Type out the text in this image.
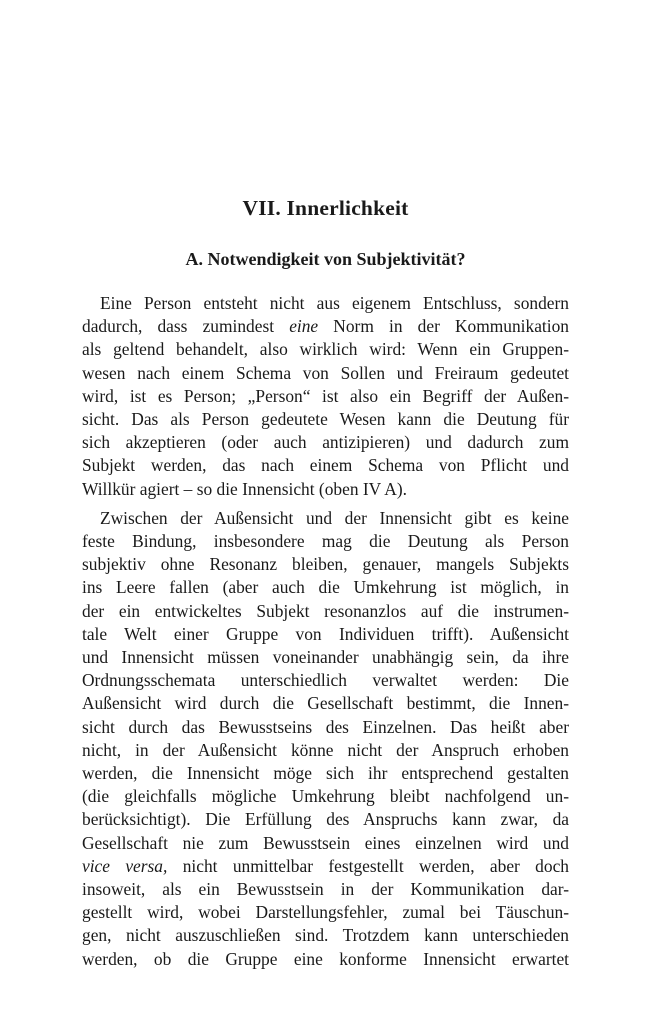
VII. Innerlichkeit
A. Notwendigkeit von Subjektivität?

Eine Person entsteht nicht aus eigenem Entschluss, sondern
dadurch, dass zumindest eine Norm in der Kommunikation
als geltend behandelt, also wirklich wird: Wenn ein Gruppen-
wesen nach einem Schema von Sollen und Freiraum gedeutet
wird, ist es Person; „Person“ ist also ein Begriff der Außen-
sicht. Das als Person gedeutete Wesen kann die Deutung für
sich akzeptieren (oder auch antizipieren) und dadurch zum
Subjekt werden, das nach einem Schema von Pflicht und
Willkür agiert – so die Innensicht (oben IV A).

Zwischen der Außensicht und der Innensicht gibt es keine
feste Bindung, insbesondere mag die Deutung als Person
subjektiv ohne Resonanz bleiben, genauer, mangels Subjekts
ins Leere fallen (aber auch die Umkehrung ist möglich, in
der ein entwickeltes Subjekt resonanzlos auf die instrumen-
tale Welt einer Gruppe von Individuen trifft). Außensicht
und Innensicht müssen voneinander unabhängig sein, da ihre
Ordnungsschemata unterschiedlich verwaltet werden: Die
Außensicht wird durch die Gesellschaft bestimmt, die Innen-
sicht durch das Bewusstseins des Einzelnen. Das heißt aber
nicht, in der Außensicht könne nicht der Anspruch erhoben
werden, die Innensicht möge sich ihr entsprechend gestalten
(die gleichfalls mögliche Umkehrung bleibt nachfolgend un-
berücksichtigt). Die Erfüllung des Anspruchs kann zwar, da
Gesellschaft nie zum Bewusstsein eines einzelnen wird und
vice versa, nicht unmittelbar festgestellt werden, aber doch
insoweit, als ein Bewusstsein in der Kommunikation dar-
gestellt wird, wobei Darstellungsfehler, zumal bei Täuschun-
gen, nicht auszuschließen sind. Trotzdem kann unterschieden
werden, ob die Gruppe eine konforme Innensicht erwartet
